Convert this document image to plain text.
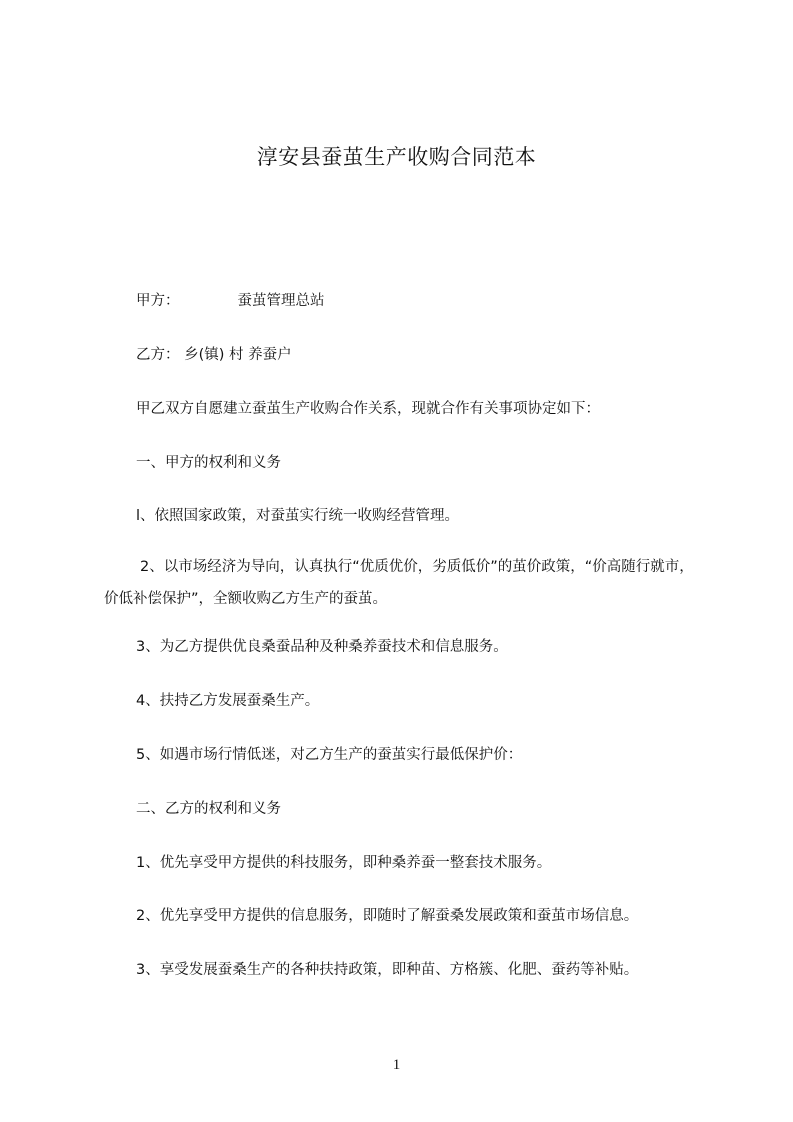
淳安县蚕茧生产收购合同范本
甲方：	蚕茧管理总站
乙方： 乡(镇) 村 养蚕户
甲乙双方自愿建立蚕茧生产收购合作关系，现就合作有关事项协定如下：
一、甲方的权利和义务
l、依照国家政策，对蚕茧实行统一收购经营管理。
2、以市场经济为导向，认真执行“优质优价，劣质低价”的茧价政策，“价高随行就市，价低补偿保护”，全额收购乙方生产的蚕茧。
3、为乙方提供优良桑蚕品种及种桑养蚕技术和信息服务。
4、扶持乙方发展蚕桑生产。
5、如遇市场行情低迷，对乙方生产的蚕茧实行最低保护价：
二、乙方的权利和义务
1、优先享受甲方提供的科技服务，即种桑养蚕一整套技术服务。
2、优先享受甲方提供的信息服务，即随时了解蚕桑发展政策和蚕茧市场信息。
3、享受发展蚕桑生产的各种扶持政策，即种苗、方格簇、化肥、蚕药等补贴。
1
